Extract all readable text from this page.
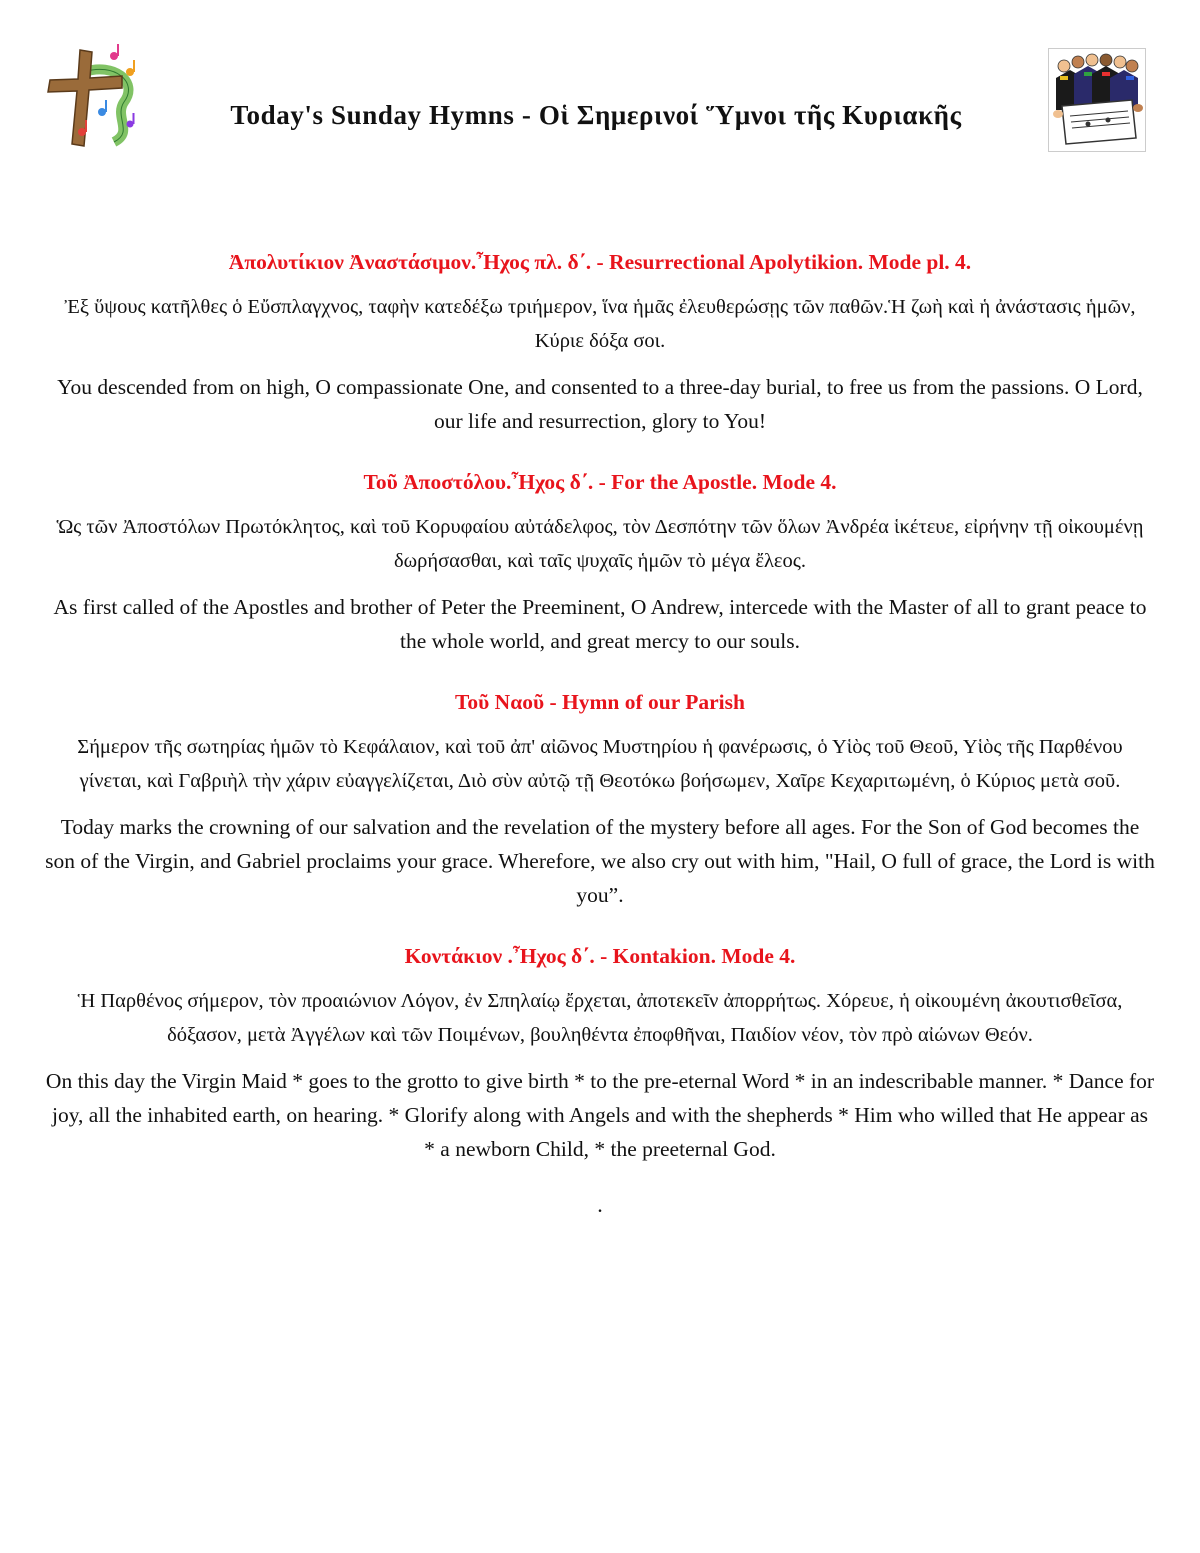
Today's Sunday Hymns - Οἱ Σημερινοί Ὕμνοι τῆς Κυριακῆς
Ἀπολυτίκιον Ἀναστάσιμον.Ἦχος πλ. δ΄. - Resurrectional Apolytikion. Mode pl. 4.

Ἐξ ὕψους κατῆλθες ὁ Εὔσπλαγχνος, ταφὴν κατεδέξω τριήμερον, ἵνα ἡμᾶς ἐλευθερώσῃς τῶν παθῶν.Ἡ ζωὴ καὶ ἡ ἀνάστασις ἡμῶν, Κύριε δόξα σοι.

You descended from on high, O compassionate One, and consented to a three-day burial, to free us from the passions. O Lord, our life and resurrection, glory to You!

Τοῦ Ἀποστόλου.Ἦχος δ΄. - For the Apostle. Mode 4.

Ὡς τῶν Ἀποστόλων Πρωτόκλητος, καὶ τοῦ Κορυφαίου αὐτάδελφος, τὸν Δεσπότην τῶν ὅλων Ἀνδρέα ἱκέτευε, εἰρήνην τῇ οἰκουμένῃ δωρήσασθαι, καὶ ταῖς ψυχαῖς ἡμῶν τὸ μέγα ἔλεος.

As first called of the Apostles and brother of Peter the Preeminent, O Andrew, intercede with the Master of all to grant peace to the whole world, and great mercy to our souls.

Τοῦ Ναοῦ - Hymn of our Parish

Σήμερον τῆς σωτηρίας ἡμῶν τὸ Κεφάλαιον, καὶ τοῦ ἀπ' αἰῶνος Μυστηρίου ἡ φανέρωσις, ὁ Υἱὸς τοῦ Θεοῦ, Υἱὸς τῆς Παρθένου γίνεται, καὶ Γαβριὴλ τὴν χάριν εὐαγγελίζεται, Διὸ σὺν αὐτῷ τῇ Θεοτόκω βοήσωμεν, Χαῖρε Κεχαριτωμένη, ὁ Κύριος μετὰ σοῦ.

Today marks the crowning of our salvation and the revelation of the mystery before all ages. For the Son of God becomes the son of the Virgin, and Gabriel proclaims your grace. Wherefore, we also cry out with him, "Hail, O full of grace, the Lord is with you”.

Κοντάκιον .Ἦχος δ΄. - Kontakion. Mode 4.

Ἡ Παρθένος σήμερον, τὸν προαιώνιον Λόγον, ἐν Σπηλαίῳ ἔρχεται, ἀποτεκεῖν ἀπορρήτως. Χόρευε, ἡ οἰκουμένη ἀκουτισθεῖσα, δόξασον, μετὰ Ἀγγέλων καὶ τῶν Ποιμένων, βουληθέντα ἐποφθῆναι, Παιδίον νέον, τὸν πρὸ αἰώνων Θεόν.

On this day the Virgin Maid * goes to the grotto to give birth * to the pre-eternal Word * in an indescribable manner. * Dance for joy, all the inhabited earth, on hearing. * Glorify along with Angels and with the shepherds * Him who willed that He appear as * a newborn Child, * the preeternal God.

.
